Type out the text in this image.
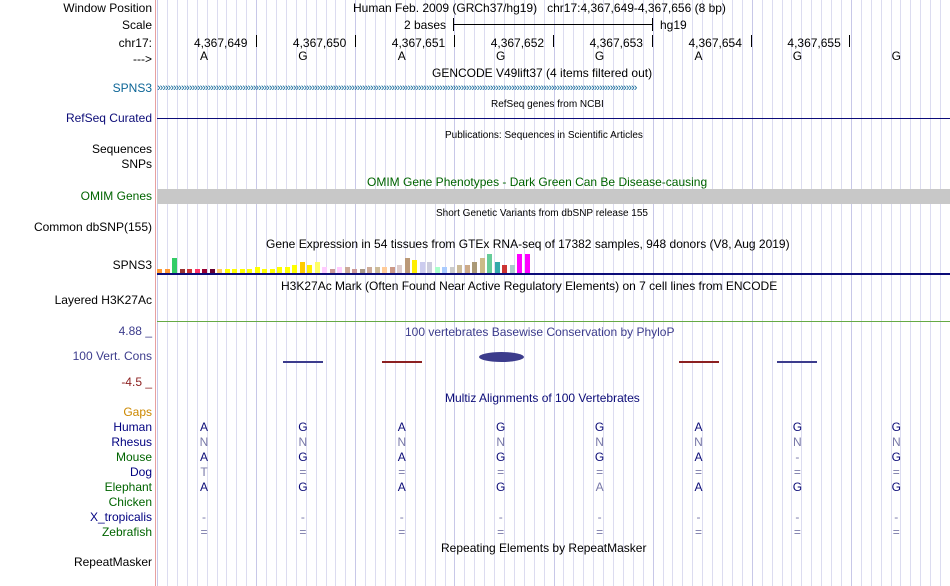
Window Position
Scale
chr17:
--->
Human Feb. 2009 (GRCh37/hg19) chr17:4,367,649-4,367,656 (8 bp)
2 bases	hg19
4,367,649	4,367,650	4,367,651	4,367,652	4,367,653	4,367,654	4,367,655
A	G	A	G	G	A	G	G
GENCODE V49lift37 (4 items filtered out)
SPNS3 ››››››››››››››››››››››››››››››››››››››››››››››››››››››››››››››››››››››››››››››››››››››››››››››››››››››››››››››››››››››››››››››››››››››››››››››››››››››››››››››››››››››››››››››››››››
RefSeq genes from NCBI
RefSeq Curated
Publications: Sequences in Scientific Articles
Sequences
SNPs
OMIM Gene Phenotypes - Dark Green Can Be Disease-causing
OMIM Genes
Short Genetic Variants from dbSNP release 155
Common dbSNP(155)
Gene Expression in 54 tissues from GTEx RNA-seq of 17382 samples, 948 donors (V8, Aug 2019)
SPNS3
H3K27Ac Mark (Often Found Near Active Regulatory Elements) on 7 cell lines from ENCODE
Layered H3K27Ac
100 vertebrates Basewise Conservation by PhyloP
4.88 _
100 Vert. Cons
-4.5 _
Multiz Alignments of 100 Vertebrates
Gaps
Human	A	G	A	G	G	A	G	G
Rhesus	N	N	N	N	N	N	N	N
Mouse	A	G	A	G	G	A	-	G
Dog	T	=	=	=	=	=	=	=
Elephant	A	G	A	G	A	A	G	G
Chicken
X_tropicalis	-	-	-	-	-	-	-	-
Zebrafish	=	=	=	=	=	=	=	=
Repeating Elements by RepeatMasker
RepeatMasker
